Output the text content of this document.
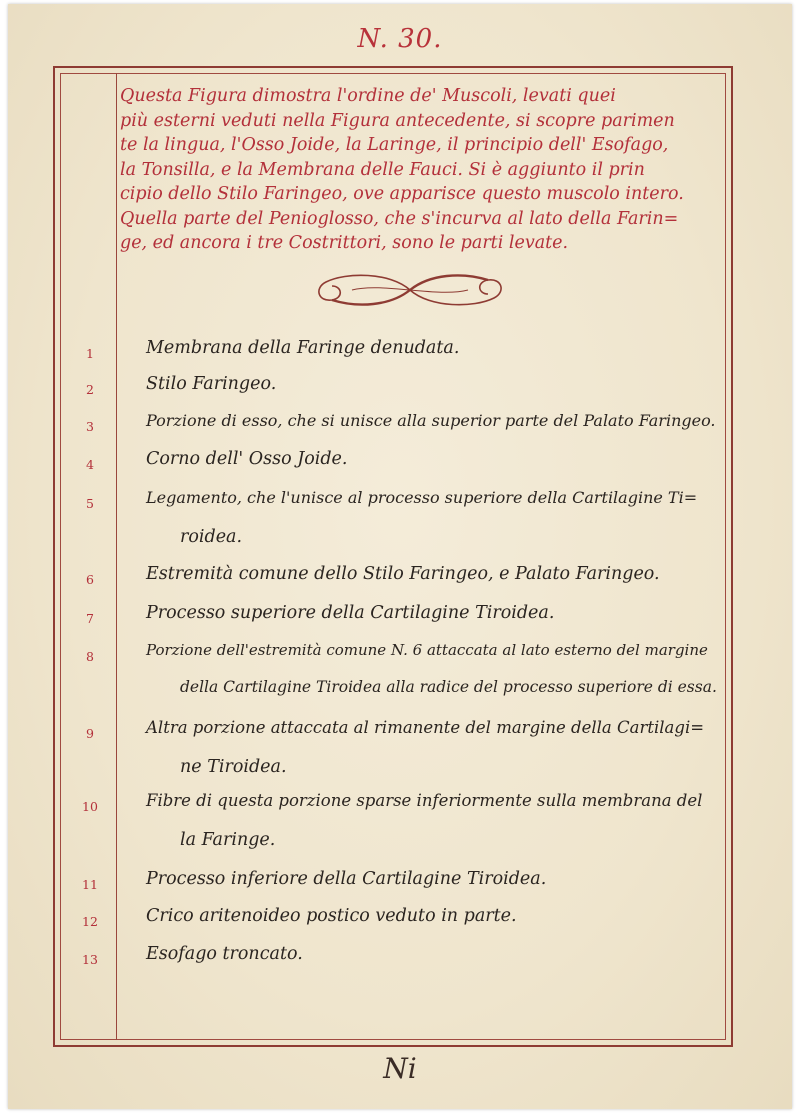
N. 30.
Questa Figura dimostra l'ordine de' Muscoli, levati quei
più esterni veduti nella Figura antecedente, si scopre parimen
te la lingua, l'Osso Joide, la Laringe, il principio dell' Esofago,
la Tonsilla, e la Membrana delle Fauci. Si è aggiunto il prin
cipio dello Stilo Faringeo, ove apparisce questo muscolo intero.
Quella parte del Penioglosso, che s'incurva al lato della Farin=
ge, ed ancora i tre Costrittori, sono le parti levate.
1	Membrana della Faringe denudata.
2	Stilo Faringeo.
3	Porzione di esso, che si unisce alla superior parte del Palato Faringeo.
4	Corno dell' Osso Joide.
5	Legamento, che l'unisce al processo superiore della Cartilagine Ti=
roidea.
6	Estremità comune dello Stilo Faringeo, e Palato Faringeo.
7	Processo superiore della Cartilagine Tiroidea.
8	Porzione dell'estremità comune N. 6 attaccata al lato esterno del margine
della Cartilagine Tiroidea alla radice del processo superiore di essa.
9	Altra porzione attaccata al rimanente del margine della Cartilagi=
ne Tiroidea.
10	Fibre di questa porzione sparse inferiormente sulla membrana del
la Faringe.
11	Processo inferiore della Cartilagine Tiroidea.
12	Crico aritenoideo postico veduto in parte.
13	Esofago troncato.
Ni
